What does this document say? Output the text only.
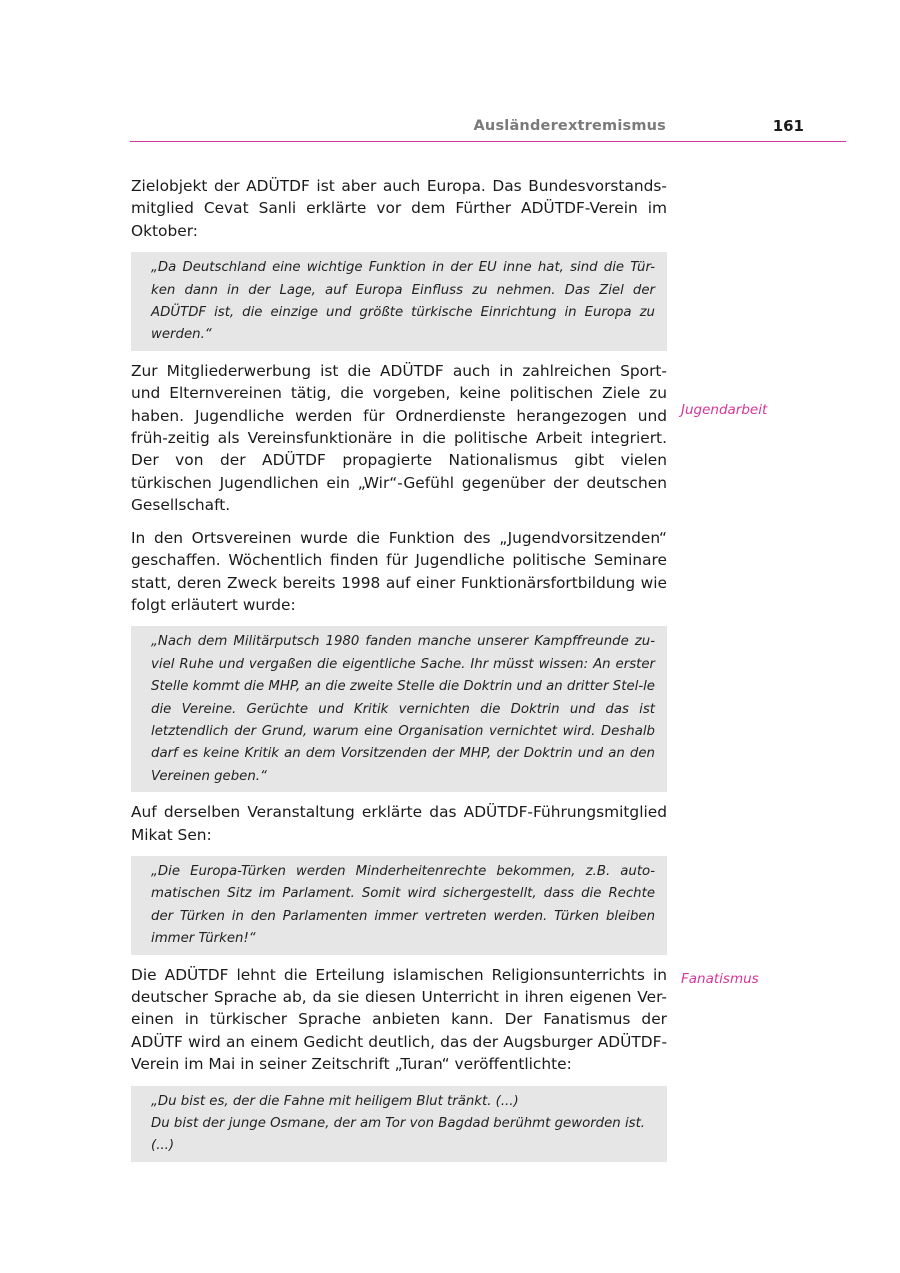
Ausländerextremismus	161

Zielobjekt der ADÜTDF ist aber auch Europa. Das Bundesvorstands-mitglied Cevat Sanli erklärte vor dem Fürther ADÜTDF-Verein im Oktober:

„Da Deutschland eine wichtige Funktion in der EU inne hat, sind die Tür-ken dann in der Lage, auf Europa Einfluss zu nehmen. Das Ziel der ADÜTDF ist, die einzige und größte türkische Einrichtung in Europa zu werden.“

Zur Mitgliederwerbung ist die ADÜTDF auch in zahlreichen Sport- und Elternvereinen tätig, die vorgeben, keine politischen Ziele zu haben. Jugendliche werden für Ordnerdienste herangezogen und früh-zeitig als Vereinsfunktionäre in die politische Arbeit integriert. Der von der ADÜTDF propagierte Nationalismus gibt vielen türkischen Jugendlichen ein „Wir“-Gefühl gegenüber der deutschen Gesellschaft.

In den Ortsvereinen wurde die Funktion des „Jugendvorsitzenden“ geschaffen. Wöchentlich finden für Jugendliche politische Seminare statt, deren Zweck bereits 1998 auf einer Funktionärsfortbildung wie folgt erläutert wurde:

„Nach dem Militärputsch 1980 fanden manche unserer Kampffreunde zu-viel Ruhe und vergaßen die eigentliche Sache. Ihr müsst wissen: An erster Stelle kommt die MHP, an die zweite Stelle die Doktrin und an dritter Stel-le die Vereine. Gerüchte und Kritik vernichten die Doktrin und das ist letztendlich der Grund, warum eine Organisation vernichtet wird. Deshalb darf es keine Kritik an dem Vorsitzenden der MHP, der Doktrin und an den Vereinen geben.“

Auf derselben Veranstaltung erklärte das ADÜTDF-Führungsmitglied Mikat Sen:

„Die Europa-Türken werden Minderheitenrechte bekommen, z.B. auto-matischen Sitz im Parlament. Somit wird sichergestellt, dass die Rechte der Türken in den Parlamenten immer vertreten werden. Türken bleiben immer Türken!“

Die ADÜTDF lehnt die Erteilung islamischen Religionsunterrichts in deutscher Sprache ab, da sie diesen Unterricht in ihren eigenen Ver-einen in türkischer Sprache anbieten kann. Der Fanatismus der ADÜTF wird an einem Gedicht deutlich, das der Augsburger ADÜTDF-Verein im Mai in seiner Zeitschrift „Turan“ veröffentlichte:

„Du bist es, der die Fahne mit heiligem Blut tränkt. (...)
Du bist der junge Osmane, der am Tor von Bagdad berühmt geworden ist. (...)
Jugendarbeit
Fanatismus
